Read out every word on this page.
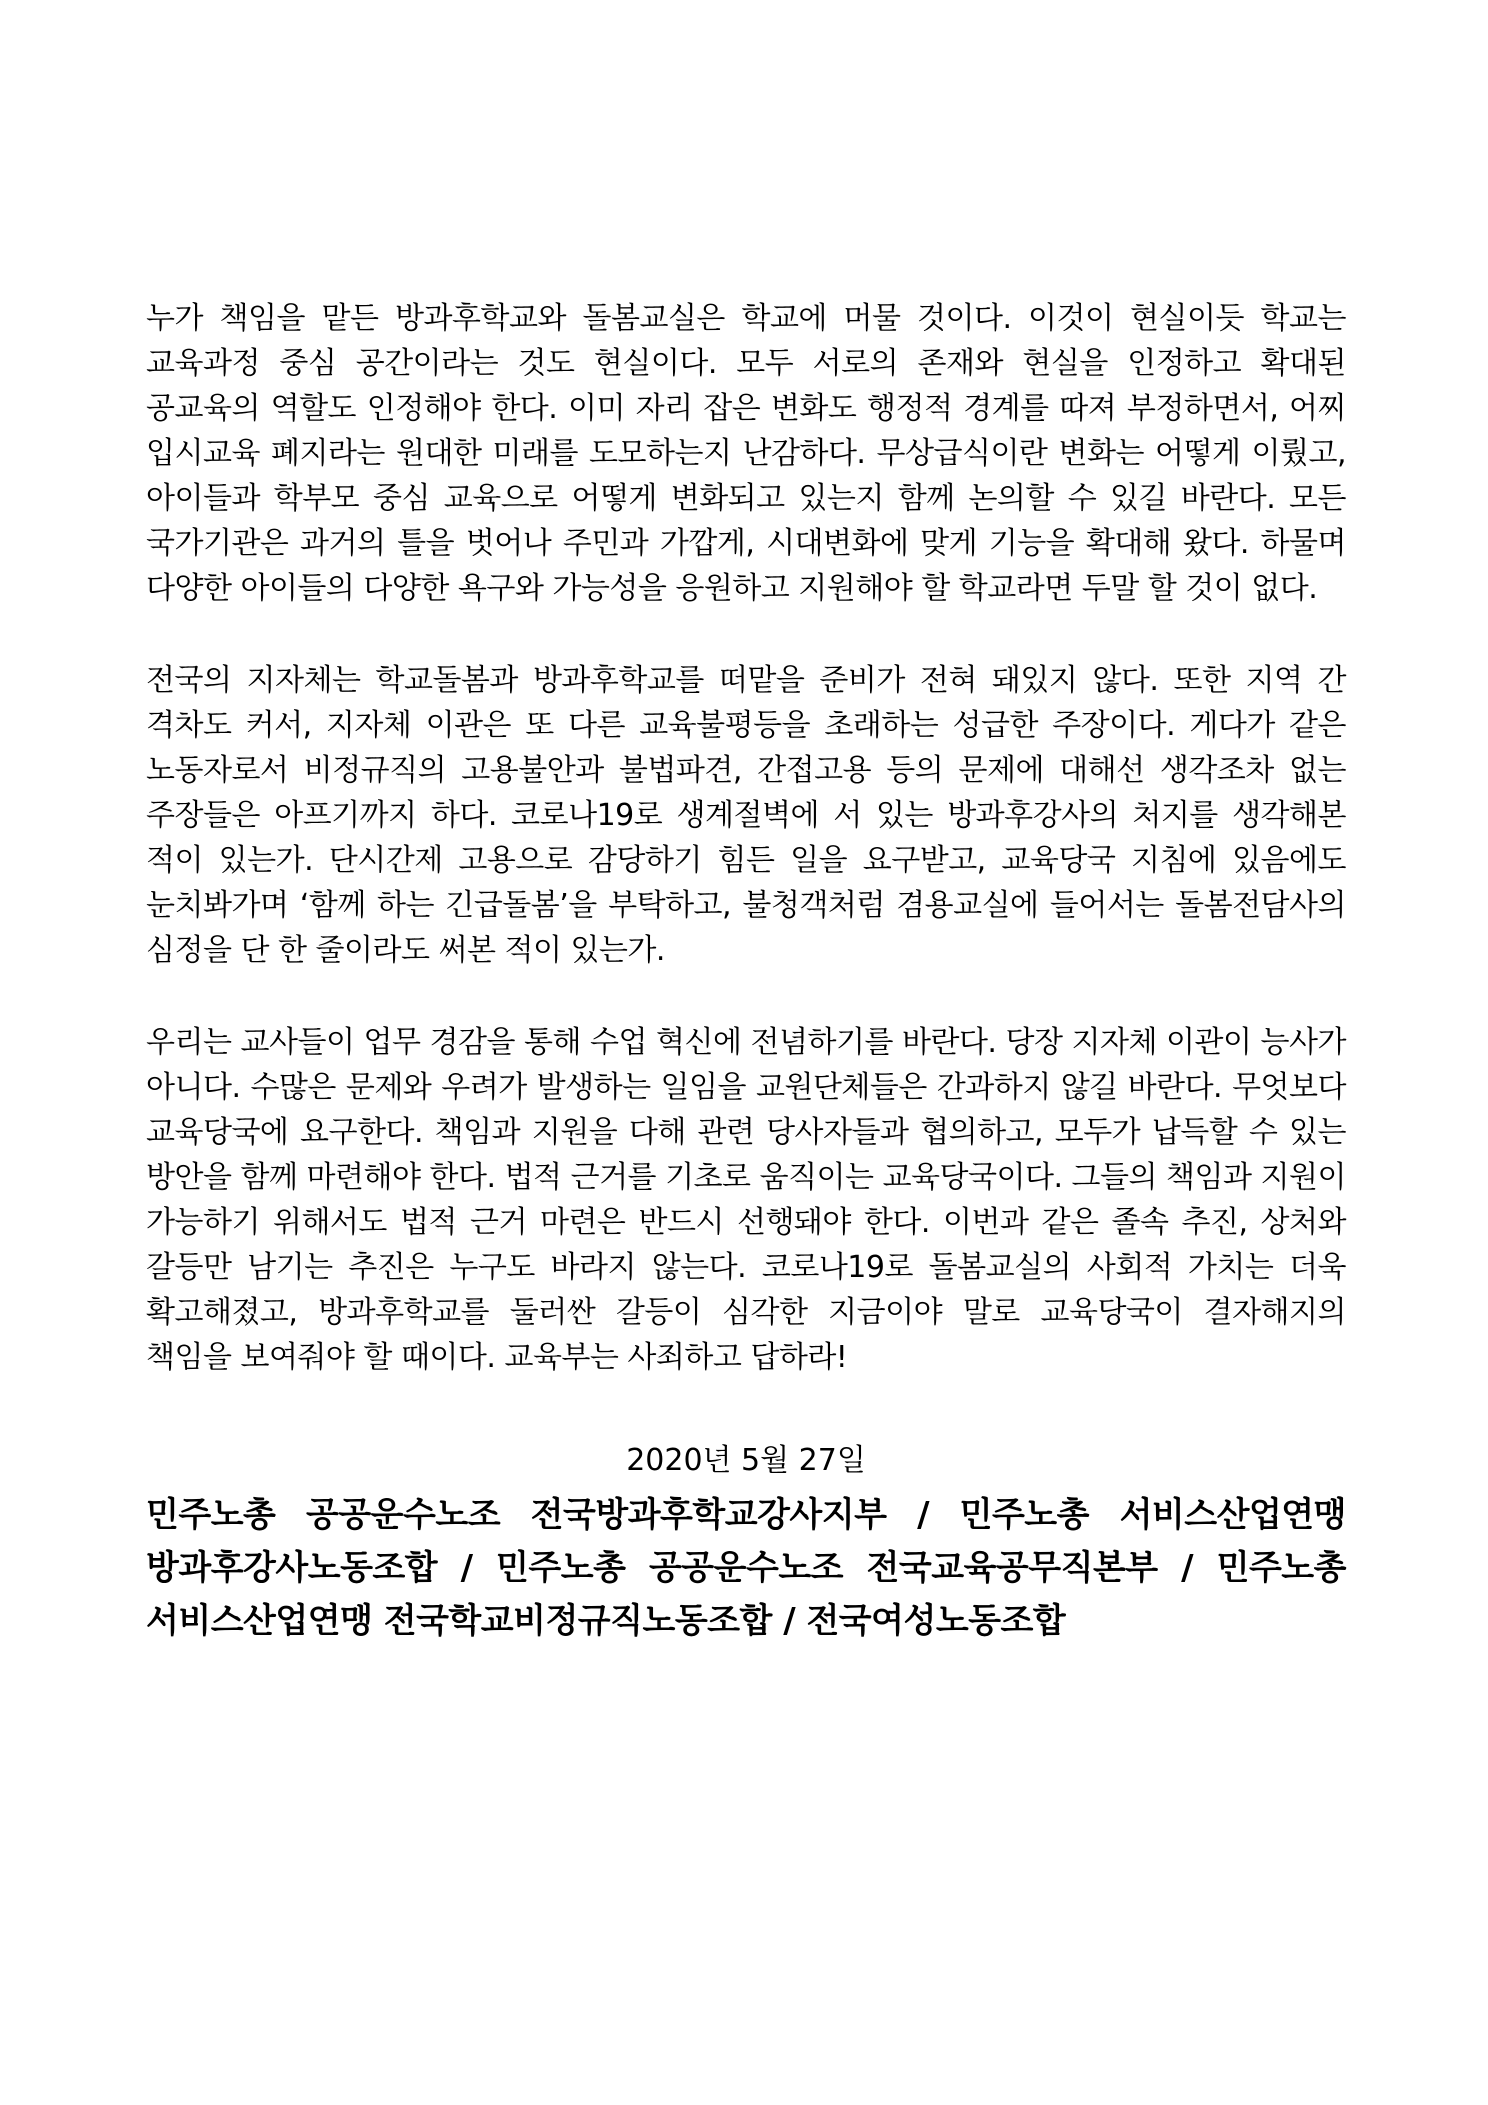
누가 책임을 맡든 방과후학교와 돌봄교실은 학교에 머물 것이다. 이것이 현실이듯 학교는 교육과정 중심 공간이라는 것도 현실이다. 모두 서로의 존재와 현실을 인정하고 확대된 공교육의 역할도 인정해야 한다. 이미 자리 잡은 변화도 행정적 경계를 따져 부정하면서, 어찌 입시교육 폐지라는 원대한 미래를 도모하는지 난감하다. 무상급식이란 변화는 어떻게 이뤘고, 아이들과 학부모 중심 교육으로 어떻게 변화되고 있는지 함께 논의할 수 있길 바란다. 모든 국가기관은 과거의 틀을 벗어나 주민과 가깝게, 시대변화에 맞게 기능을 확대해 왔다. 하물며 다양한 아이들의 다양한 욕구와 가능성을 응원하고 지원해야 할 학교라면 두말 할 것이 없다.

전국의 지자체는 학교돌봄과 방과후학교를 떠맡을 준비가 전혀 돼있지 않다. 또한 지역 간 격차도 커서, 지자체 이관은 또 다른 교육불평등을 초래하는 성급한 주장이다. 게다가 같은 노동자로서 비정규직의 고용불안과 불법파견, 간접고용 등의 문제에 대해선 생각조차 없는 주장들은 아프기까지 하다. 코로나19로 생계절벽에 서 있는 방과후강사의 처지를 생각해본 적이 있는가. 단시간제 고용으로 감당하기 힘든 일을 요구받고, 교육당국 지침에 있음에도 눈치봐가며 ‘함께 하는 긴급돌봄’을 부탁하고, 불청객처럼 겸용교실에 들어서는 돌봄전담사의 심정을 단 한 줄이라도 써본 적이 있는가.

우리는 교사들이 업무 경감을 통해 수업 혁신에 전념하기를 바란다. 당장 지자체 이관이 능사가 아니다. 수많은 문제와 우려가 발생하는 일임을 교원단체들은 간과하지 않길 바란다. 무엇보다 교육당국에 요구한다. 책임과 지원을 다해 관련 당사자들과 협의하고, 모두가 납득할 수 있는 방안을 함께 마련해야 한다. 법적 근거를 기초로 움직이는 교육당국이다. 그들의 책임과 지원이 가능하기 위해서도 법적 근거 마련은 반드시 선행돼야 한다. 이번과 같은 졸속 추진, 상처와 갈등만 남기는 추진은 누구도 바라지 않는다. 코로나19로 돌봄교실의 사회적 가치는 더욱 확고해졌고, 방과후학교를 둘러싼 갈등이 심각한 지금이야 말로 교육당국이 결자해지의 책임을 보여줘야 할 때이다. 교육부는 사죄하고 답하라!

2020년 5월 27일
민주노총 공공운수노조 전국방과후학교강사지부 / 민주노총 서비스산업연맹 방과후강사노동조합 / 민주노총 공공운수노조 전국교육공무직본부 / 민주노총 서비스산업연맹 전국학교비정규직노동조합 / 전국여성노동조합
